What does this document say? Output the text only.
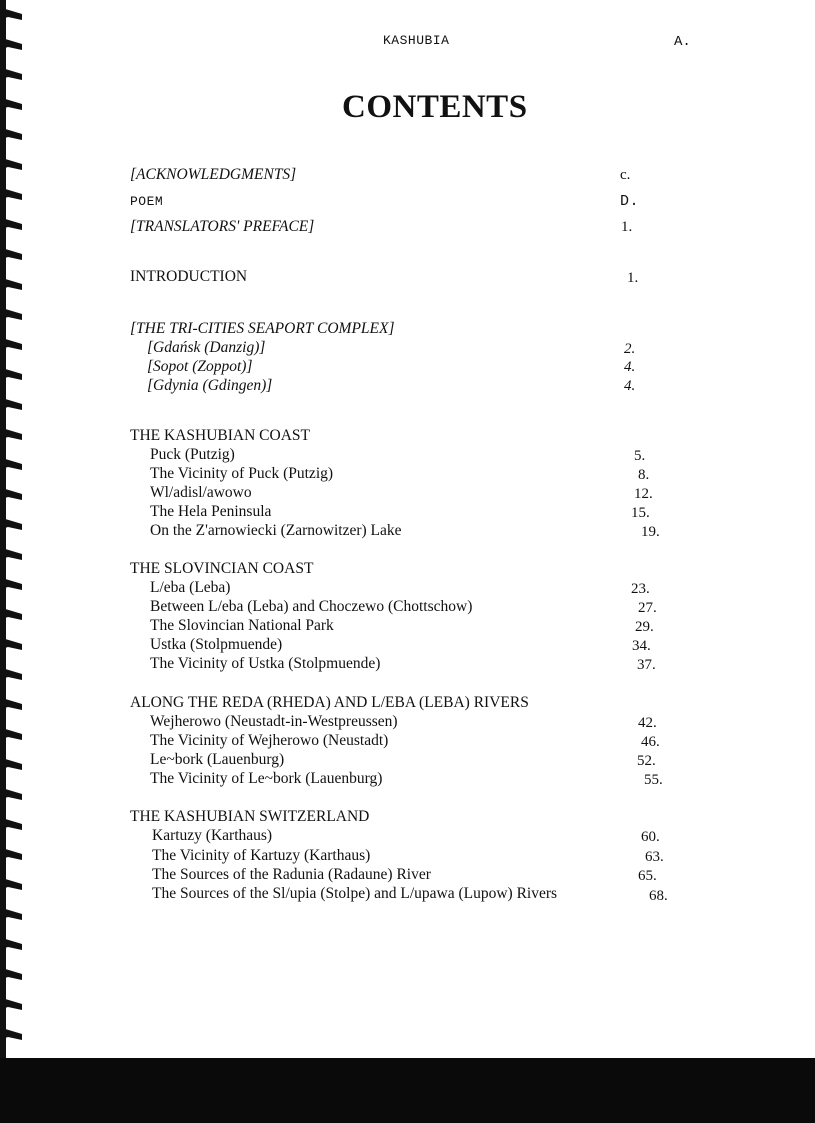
KASHUBIA	A.
CONTENTS
[ACKNOWLEDGMENTS]	c.
POEM	D.
[TRANSLATORS' PREFACE]	1.
INTRODUCTION	1.
[THE TRI-CITIES SEAPORT COMPLEX]
[Gdańsk (Danzig)]	2.
[Sopot (Zoppot)]	4.
[Gdynia (Gdingen)]	4.
THE KASHUBIAN COAST
Puck (Putzig)	5.
The Vicinity of Puck (Putzig)	8.
Wl/adisl/awowo	12.
The Hela Peninsula	15.
On the Z'arnowiecki (Zarnowitzer) Lake	19.
THE SLOVINCIAN COAST
L/eba (Leba)	23.
Between L/eba (Leba) and Choczewo (Chottschow)	27.
The Slovincian National Park	29.
Ustka (Stolpmuende)	34.
The Vicinity of Ustka (Stolpmuende)	37.
ALONG THE REDA (RHEDA) AND L/EBA (LEBA) RIVERS
Wejherowo (Neustadt-in-Westpreussen)	42.
The Vicinity of Wejherowo (Neustadt)	46.
Le~bork (Lauenburg)	52.
The Vicinity of Le~bork (Lauenburg)	55.
THE KASHUBIAN SWITZERLAND
Kartuzy (Karthaus)	60.
The Vicinity of Kartuzy (Karthaus)	63.
The Sources of the Radunia (Radaune) River	65.
The Sources of the Sl/upia (Stolpe) and L/upawa (Lupow) Rivers	68.
